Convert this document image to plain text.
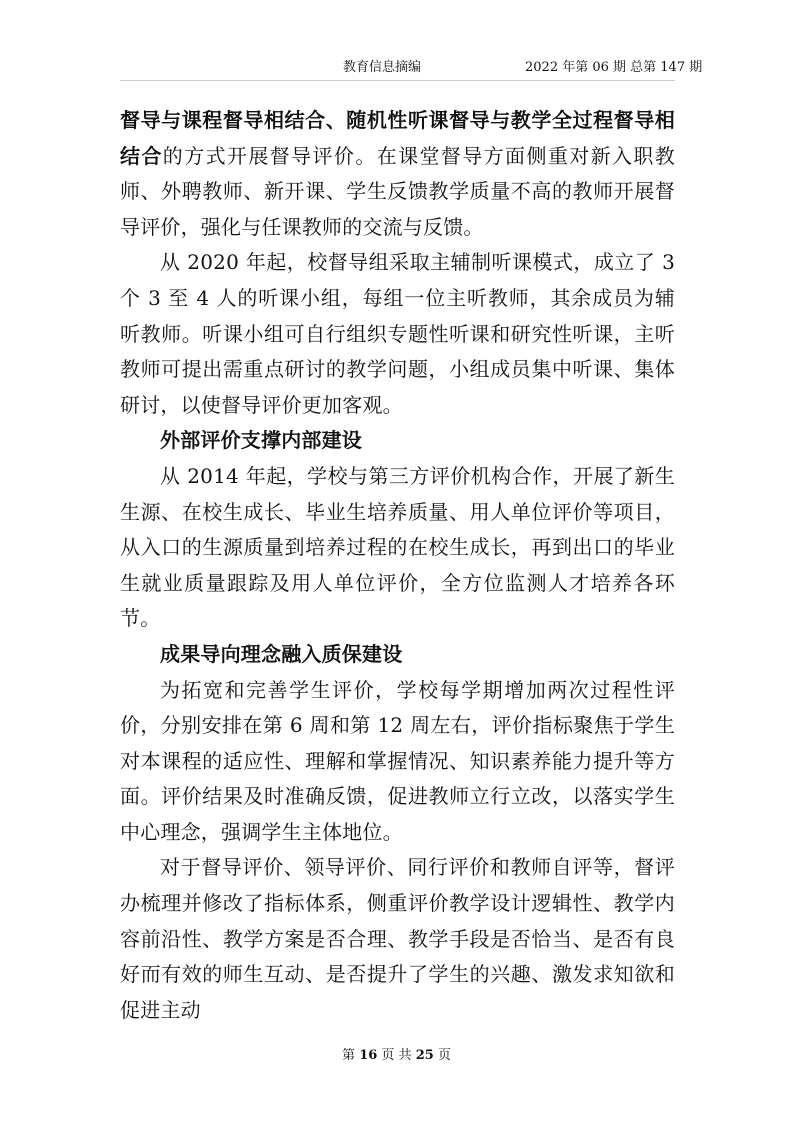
教育信息摘编	2022 年第 06 期 总第 147 期

督导与课程督导相结合、随机性听课督导与教学全过程督导相结合的方式开展督导评价。在课堂督导方面侧重对新入职教师、外聘教师、新开课、学生反馈教学质量不高的教师开展督导评价，强化与任课教师的交流与反馈。

从 2020 年起，校督导组采取主辅制听课模式，成立了 3 个 3 至 4 人的听课小组，每组一位主听教师，其余成员为辅听教师。听课小组可自行组织专题性听课和研究性听课，主听教师可提出需重点研讨的教学问题，小组成员集中听课、集体研讨，以使督导评价更加客观。

外部评价支撑内部建设

从 2014 年起，学校与第三方评价机构合作，开展了新生生源、在校生成长、毕业生培养质量、用人单位评价等项目，从入口的生源质量到培养过程的在校生成长，再到出口的毕业生就业质量跟踪及用人单位评价，全方位监测人才培养各环节。

成果导向理念融入质保建设

为拓宽和完善学生评价，学校每学期增加两次过程性评价，分别安排在第 6 周和第 12 周左右，评价指标聚焦于学生对本课程的适应性、理解和掌握情况、知识素养能力提升等方面。评价结果及时准确反馈，促进教师立行立改，以落实学生中心理念，强调学生主体地位。

对于督导评价、领导评价、同行评价和教师自评等，督评办梳理并修改了指标体系，侧重评价教学设计逻辑性、教学内容前沿性、教学方案是否合理、教学手段是否恰当、是否有良好而有效的师生互动、是否提升了学生的兴趣、激发求知欲和促进主动

第 16 页 共 25 页
